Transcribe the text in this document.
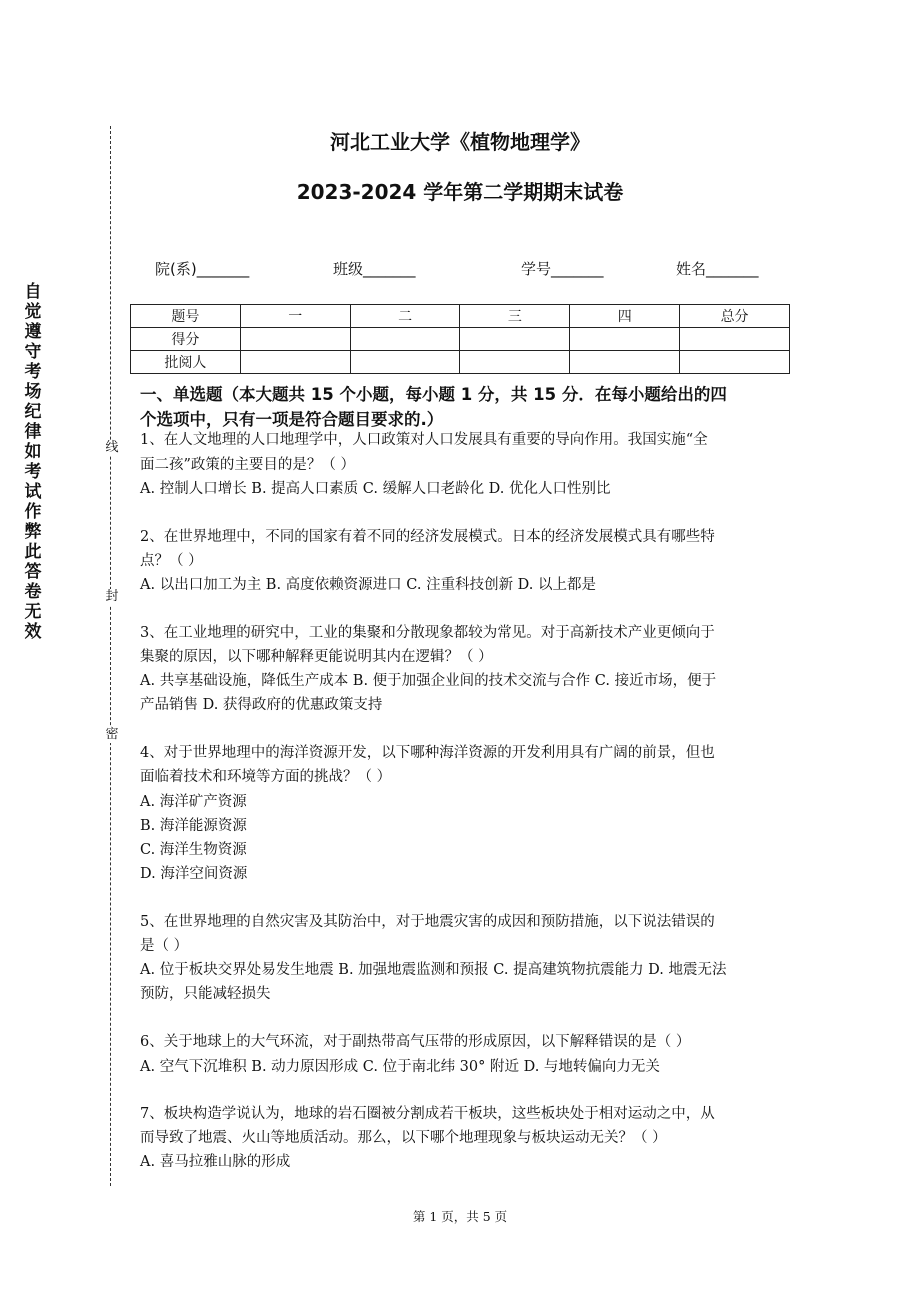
自觉遵守考场纪律如考试作弊此答卷无效
线
封
密
河北工业大学《植物地理学》
2023-2024 学年第二学期期末试卷
院(系)_______	班级_______	学号_______	姓名_______
题号	一	二	三	四	总分
得分					
批阅人					
一、单选题（本大题共 15 个小题，每小题 1 分，共 15 分．在每小题给出的四
个选项中，只有一项是符合题目要求的.）
1、在人文地理的人口地理学中，人口政策对人口发展具有重要的导向作用。我国实施“全
面二孩”政策的主要目的是？（ ）
A. 控制人口增长 B. 提高人口素质 C. 缓解人口老龄化 D. 优化人口性别比
2、在世界地理中，不同的国家有着不同的经济发展模式。日本的经济发展模式具有哪些特
点？（ ）
A. 以出口加工为主 B. 高度依赖资源进口 C. 注重科技创新 D. 以上都是
3、在工业地理的研究中，工业的集聚和分散现象都较为常见。对于高新技术产业更倾向于
集聚的原因，以下哪种解释更能说明其内在逻辑？（ ）
A. 共享基础设施，降低生产成本 B. 便于加强企业间的技术交流与合作 C. 接近市场，便于
产品销售 D. 获得政府的优惠政策支持
4、对于世界地理中的海洋资源开发，以下哪种海洋资源的开发利用具有广阔的前景，但也
面临着技术和环境等方面的挑战？（ ）
A. 海洋矿产资源
B. 海洋能源资源
C. 海洋生物资源
D. 海洋空间资源
5、在世界地理的自然灾害及其防治中，对于地震灾害的成因和预防措施，以下说法错误的
是（ ）
A. 位于板块交界处易发生地震 B. 加强地震监测和预报 C. 提高建筑物抗震能力 D. 地震无法
预防，只能减轻损失
6、关于地球上的大气环流，对于副热带高气压带的形成原因，以下解释错误的是（ ）
A. 空气下沉堆积 B. 动力原因形成 C. 位于南北纬 30° 附近 D. 与地转偏向力无关
7、板块构造学说认为，地球的岩石圈被分割成若干板块，这些板块处于相对运动之中，从
而导致了地震、火山等地质活动。那么，以下哪个地理现象与板块运动无关？（ ）
A. 喜马拉雅山脉的形成
第 1 页，共 5 页
